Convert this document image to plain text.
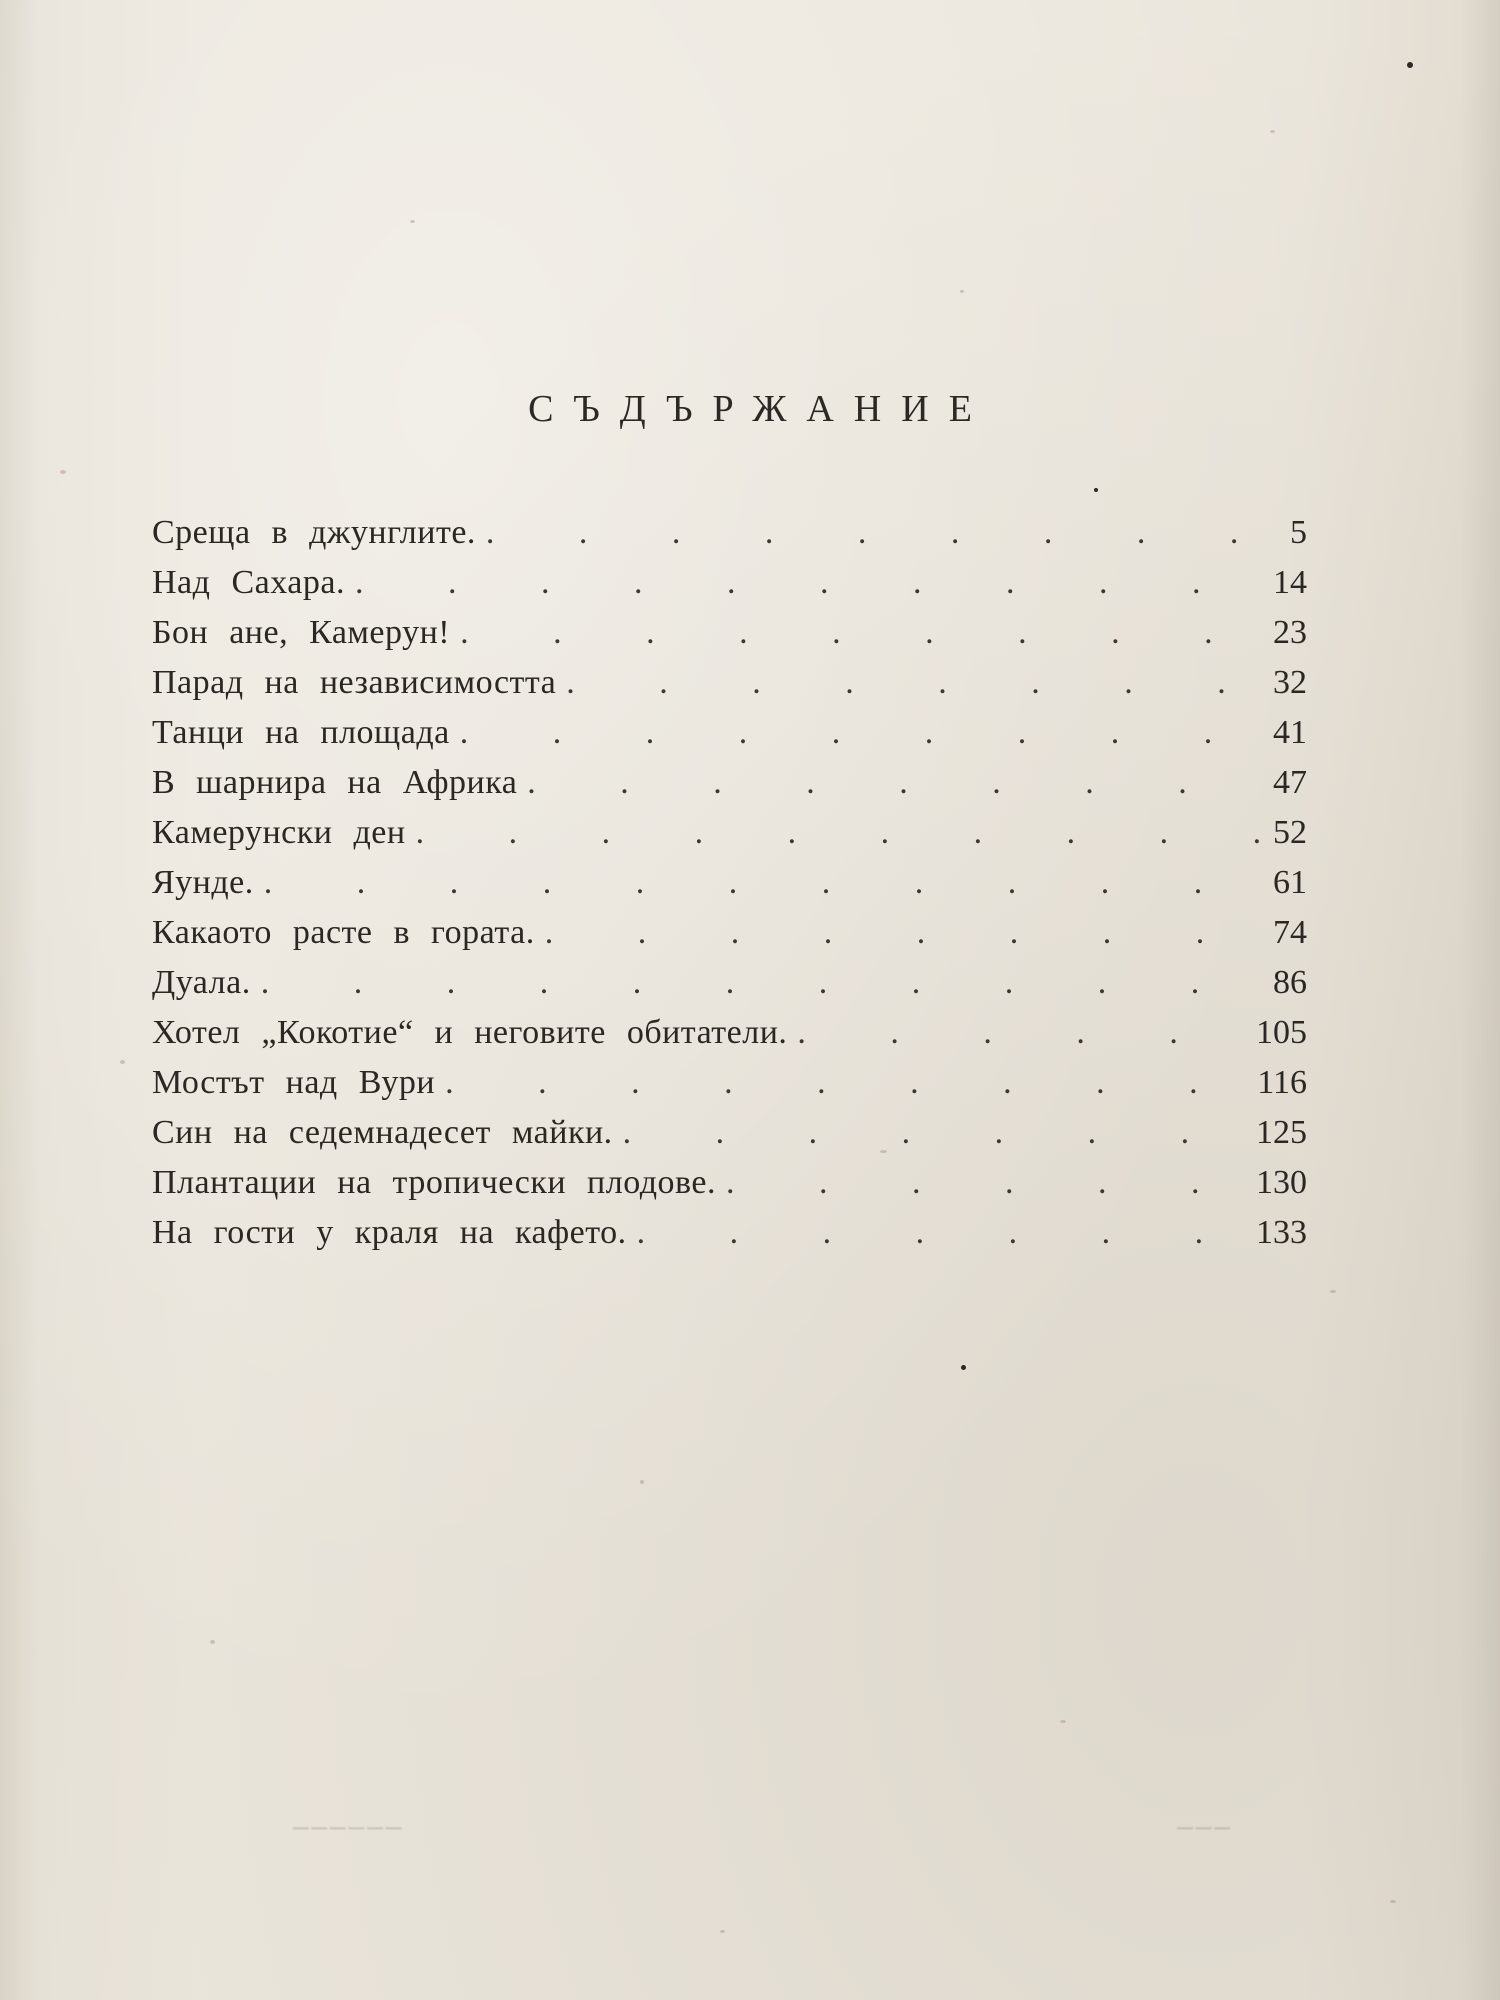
СЪДЪРЖАНИЕ
Среща в джунглите. . . .	5
Над Сахара. . . .	14
Бон ане, Камерун! . . .	23
Парад на независимостта . . .	32
Танци на площада . . .	41
В шарнира на Африка . . .	47
Камерунски ден . . .	52
Яунде. . . .	61
Какаото расте в гората. . . .	74
Дуала. . . .	86
Хотел „Кокотие“ и неговите обитатели. . . .	105
Мостът над Вури . . .	116
Син на седемнадесет майки. . . .	125
Плантации на тропически плодове. . . .	130
На гости у краля на кафето. . . .	133
───
──────
